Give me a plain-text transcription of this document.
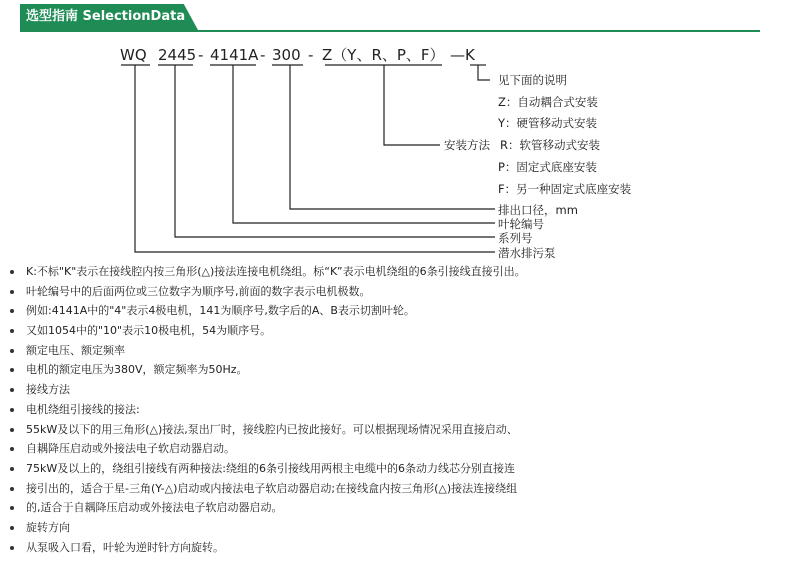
选型指南 SelectionData
WQ 2445 - 4141A - 300 - Z（Y、R、P、F） —K
见下面的说明
Z：自动耦合式安装
Y：硬管移动式安装
安装方法 R：软管移动式安装
P：固定式底座安装
F：另一种固定式底座安装
排出口径，mm
叶轮编号
系列号
潜水排污泵
K:不标"K"表示在接线腔内按三角形(△)接法连接电机绕组。标“K”表示电机绕组的6条引接线直接引出。
叶轮编号中的后面两位或三位数字为顺序号,前面的数字表示电机极数。
例如:4141A中的"4"表示4极电机，141为顺序号,数字后的A、B表示切割叶轮。
又如1054中的"10"表示10极电机，54为顺序号。
额定电压、额定频率
电机的额定电压为380V，额定频率为50Hz。
接线方法
电机绕组引接线的接法:
55kW及以下的用三角形(△)接法,泵出厂时，接线腔内已按此接好。可以根据现场情况采用直接启动、
自耦降压启动或外接法电子软启动器启动。
75kW及以上的，绕组引接线有两种接法:绕组的6条引接线用两根主电缆中的6条动力线芯分别直接连
接引出的，适合于星-三角(Y-△)启动或内接法电子软启动器启动;在接线盒内按三角形(△)接法连接绕组
的,适合于自耦降压启动或外接法电子软启动器启动。
旋转方向
从泵吸入口看，叶轮为逆时针方向旋转。
